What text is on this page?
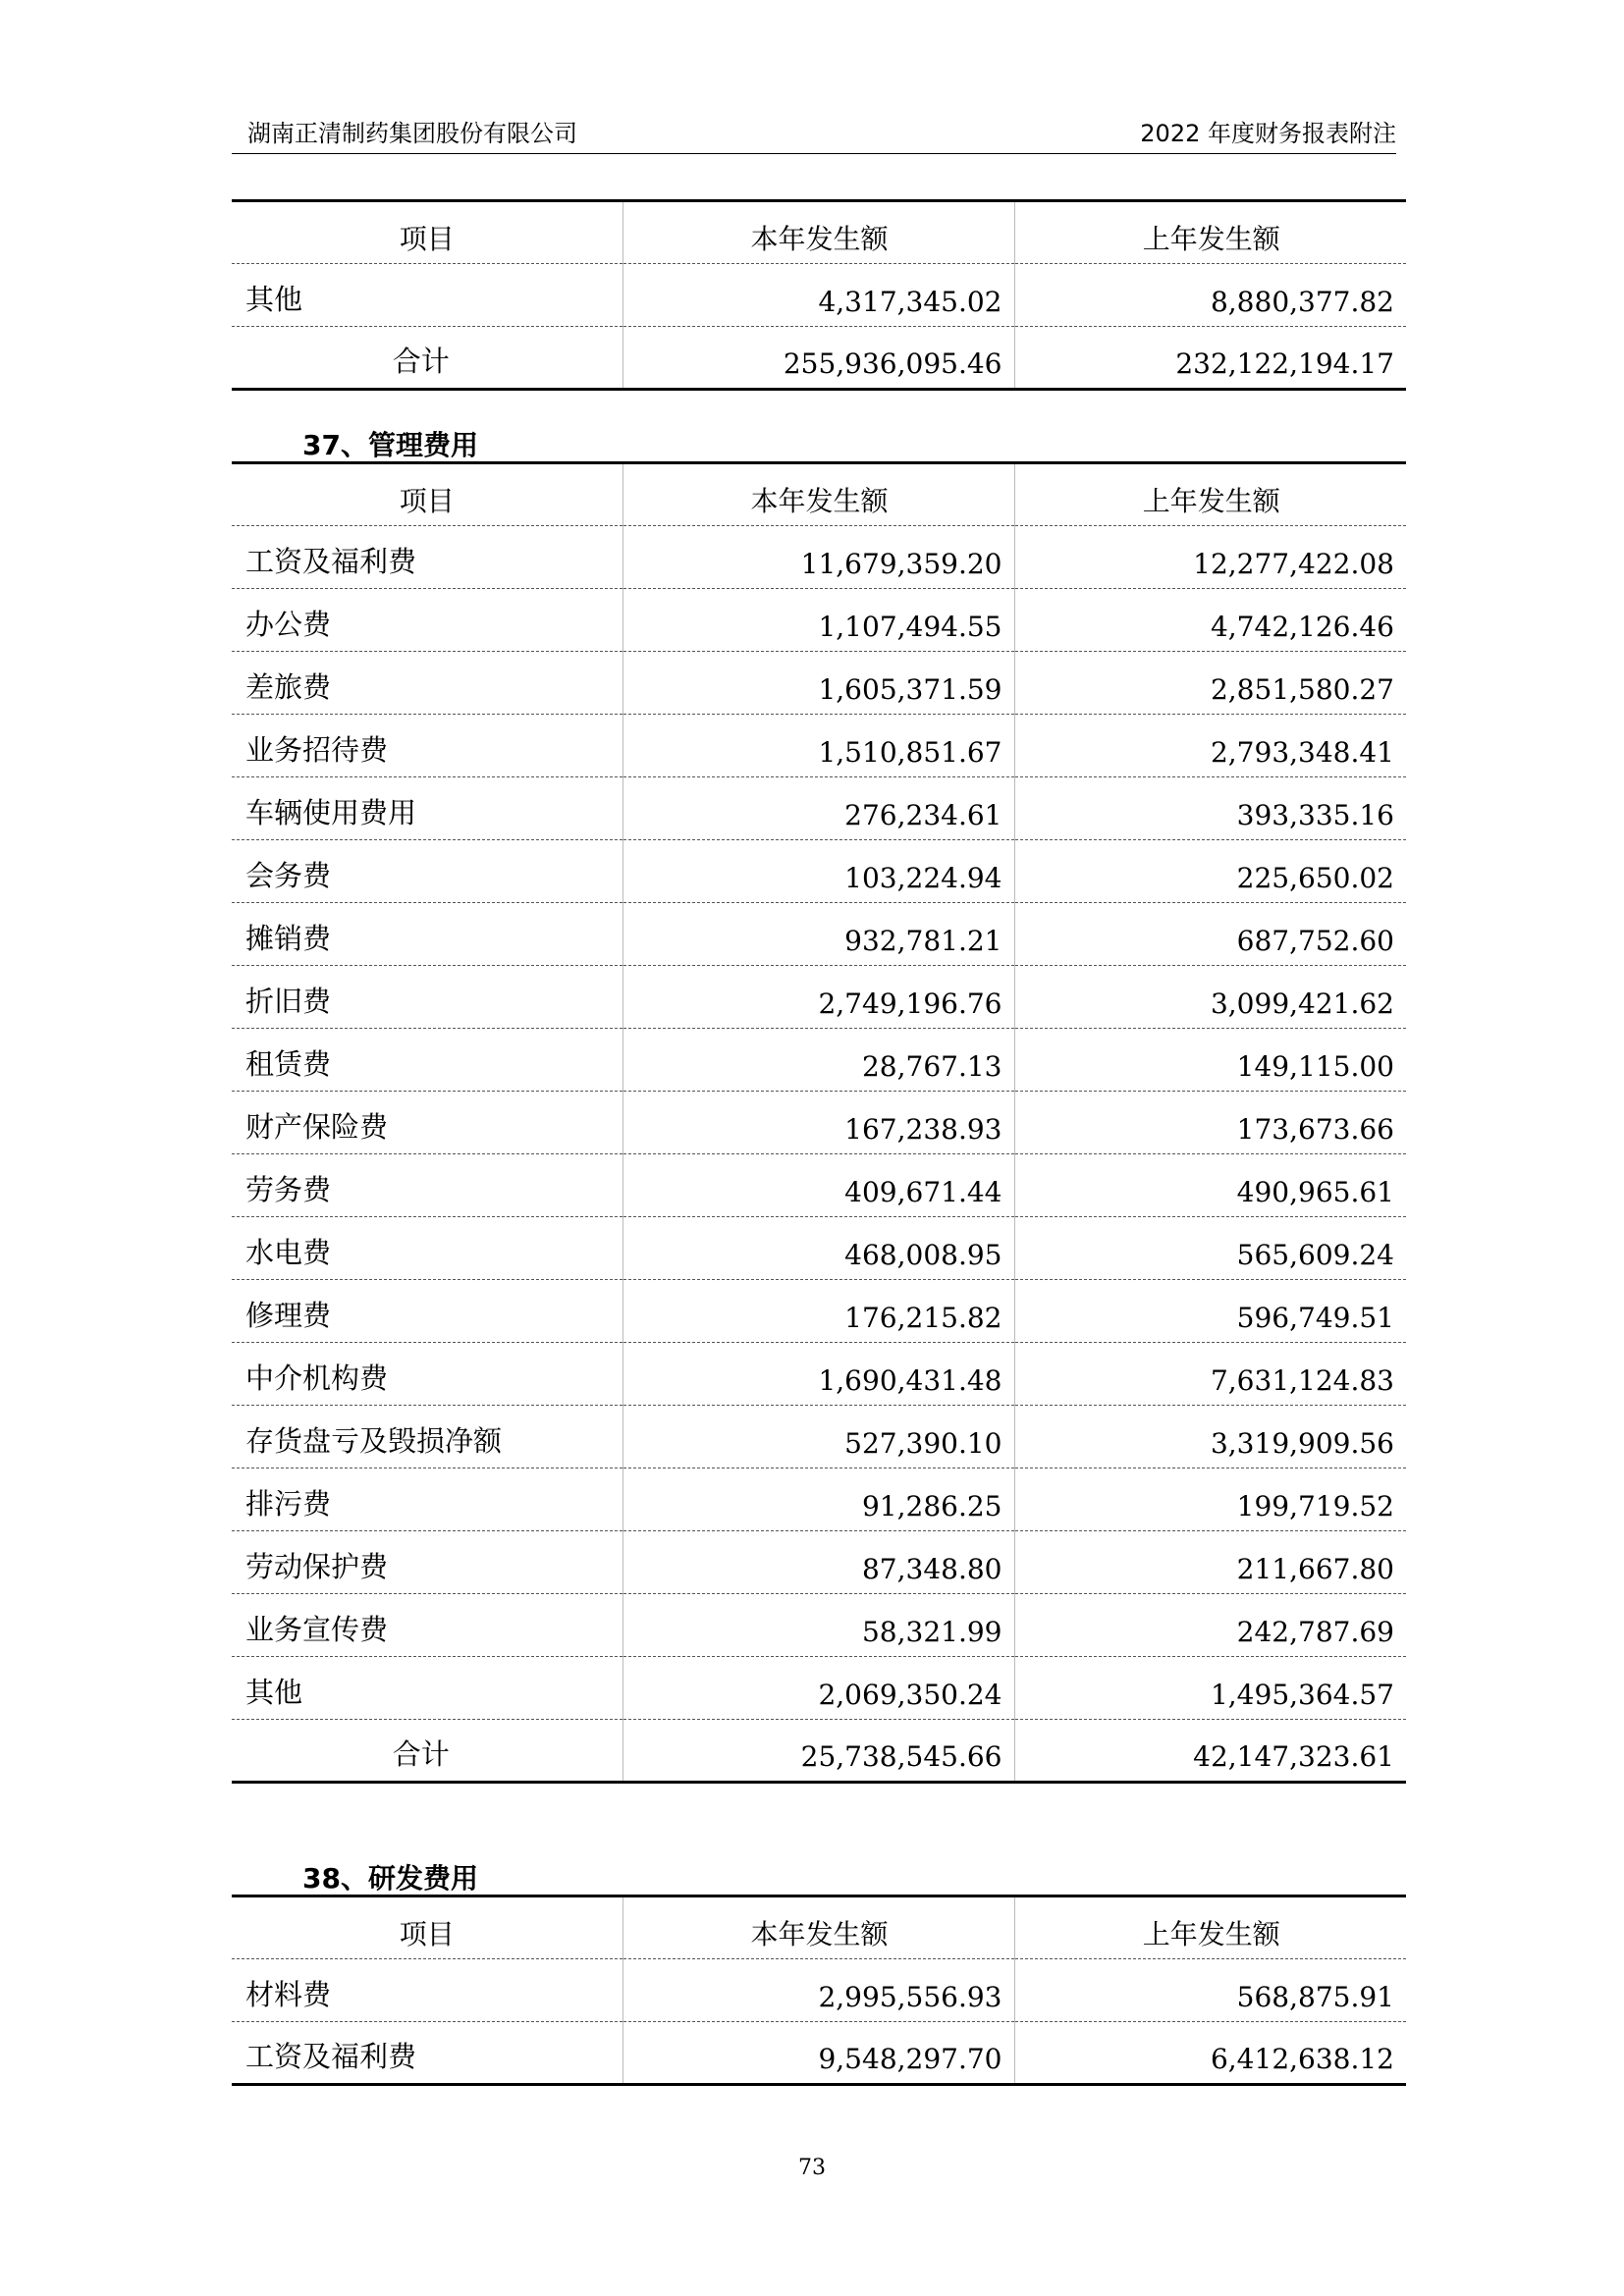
湖南正清制药集团股份有限公司	2022 年度财务报表附注
项目	本年发生额	上年发生额
其他	4,317,345.02	8,880,377.82
合计	255,936,095.46	232,122,194.17
37、管理费用
项目	本年发生额	上年发生额
工资及福利费	11,679,359.20	12,277,422.08
办公费	1,107,494.55	4,742,126.46
差旅费	1,605,371.59	2,851,580.27
业务招待费	1,510,851.67	2,793,348.41
车辆使用费用	276,234.61	393,335.16
会务费	103,224.94	225,650.02
摊销费	932,781.21	687,752.60
折旧费	2,749,196.76	3,099,421.62
租赁费	28,767.13	149,115.00
财产保险费	167,238.93	173,673.66
劳务费	409,671.44	490,965.61
水电费	468,008.95	565,609.24
修理费	176,215.82	596,749.51
中介机构费	1,690,431.48	7,631,124.83
存货盘亏及毁损净额	527,390.10	3,319,909.56
排污费	91,286.25	199,719.52
劳动保护费	87,348.80	211,667.80
业务宣传费	58,321.99	242,787.69
其他	2,069,350.24	1,495,364.57
合计	25,738,545.66	42,147,323.61
38、研发费用
项目	本年发生额	上年发生额
材料费	2,995,556.93	568,875.91
工资及福利费	9,548,297.70	6,412,638.12
73
